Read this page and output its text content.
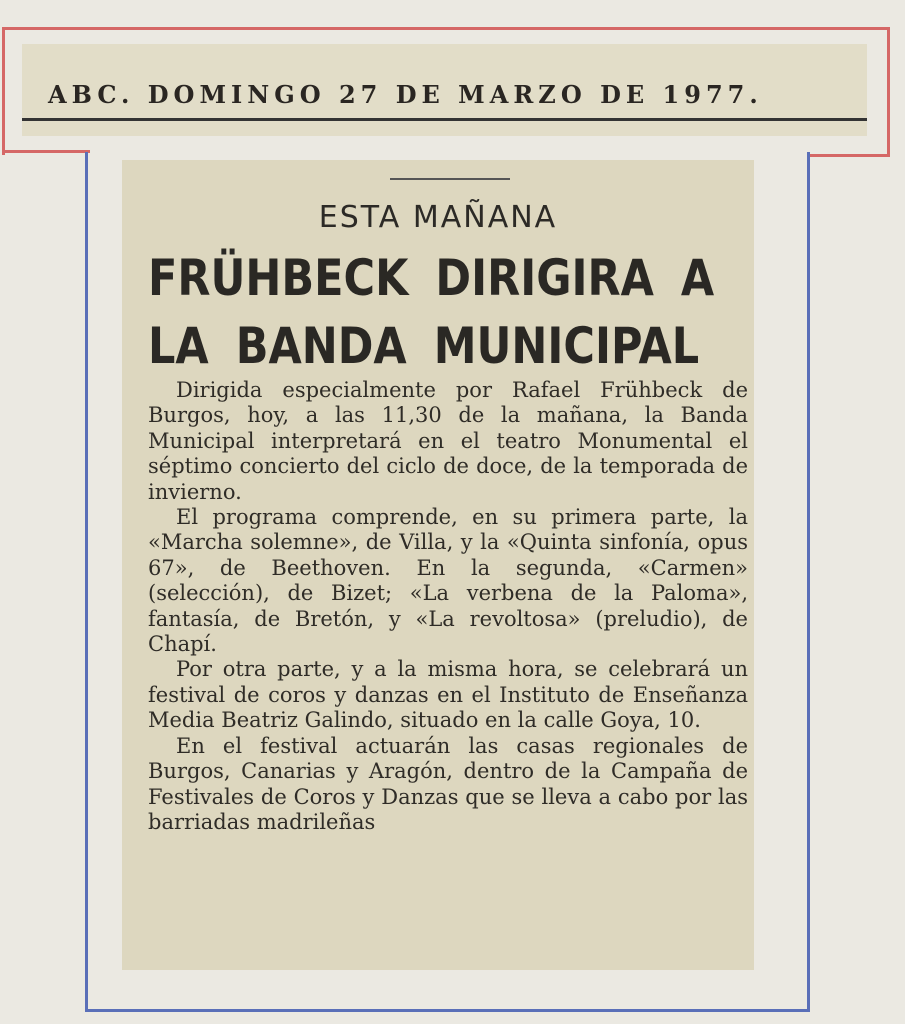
ABC. DOMINGO 27 DE MARZO DE 1977.
ESTA MAÑANA
FRÜHBECK DIRIGIRA A
LA BANDA MUNICIPAL

Dirigida especialmente por Rafael Frühbeck de Burgos, hoy, a las 11,30 de la mañana, la Banda Municipal interpretará en el teatro Monumental el séptimo concierto del ciclo de doce, de la temporada de invierno.

El programa comprende, en su primera parte, la «Marcha solemne», de Villa, y la «Quinta sinfonía, opus 67», de Beethoven. En la segunda, «Carmen» (selección), de Bizet; «La verbena de la Paloma», fantasía, de Bretón, y «La revoltosa» (preludio), de Chapí.

Por otra parte, y a la misma hora, se celebrará un festival de coros y danzas en el Instituto de Enseñanza Media Beatriz Galindo, situado en la calle Goya, 10.

En el festival actuarán las casas regionales de Burgos, Canarias y Aragón, dentro de la Campaña de Festivales de Coros y Danzas que se lleva a cabo por las barriadas madrileñas
